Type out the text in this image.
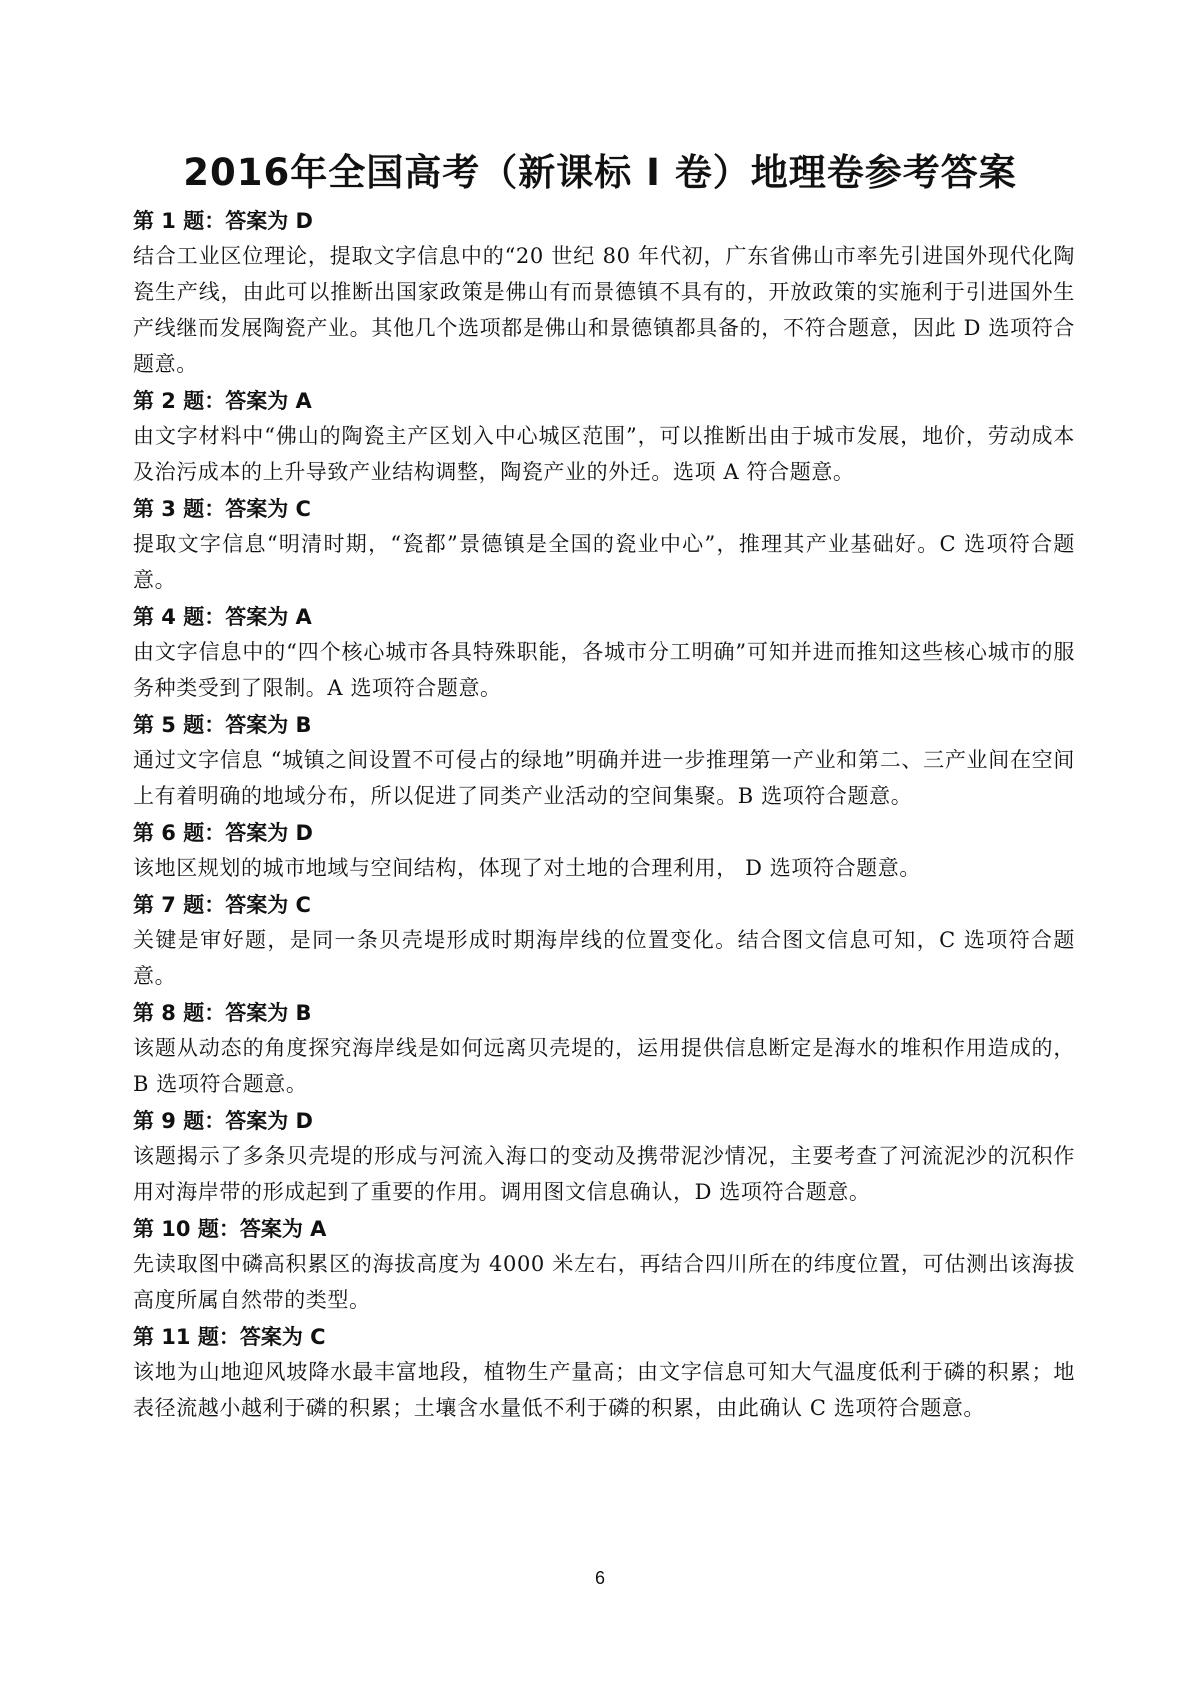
2016年全国高考（新课标 I 卷）地理卷参考答案

第 1 题：答案为 D

结合工业区位理论，提取文字信息中的“20 世纪 80 年代初，广东省佛山市率先引进国外现代化陶瓷生产线，由此可以推断出国家政策是佛山有而景德镇不具有的，开放政策的实施利于引进国外生产线继而发展陶瓷产业。其他几个选项都是佛山和景德镇都具备的，不符合题意，因此 D 选项符合题意。

第 2 题：答案为 A

由文字材料中“佛山的陶瓷主产区划入中心城区范围”，可以推断出由于城市发展，地价，劳动成本及治污成本的上升导致产业结构调整，陶瓷产业的外迁。选项 A 符合题意。

第 3 题：答案为 C

提取文字信息“明清时期，“瓷都”景德镇是全国的瓷业中心”，推理其产业基础好。C 选项符合题意。

第 4 题：答案为 A

由文字信息中的“四个核心城市各具特殊职能，各城市分工明确”可知并进而推知这些核心城市的服务种类受到了限制。A 选项符合题意。

第 5 题：答案为 B

通过文字信息 “城镇之间设置不可侵占的绿地”明确并进一步推理第一产业和第二、三产业间在空间上有着明确的地域分布，所以促进了同类产业活动的空间集聚。B 选项符合题意。

第 6 题：答案为 D

该地区规划的城市地域与空间结构，体现了对土地的合理利用， D 选项符合题意。

第 7 题：答案为 C

关键是审好题，是同一条贝壳堤形成时期海岸线的位置变化。结合图文信息可知，C 选项符合题意。

第 8 题：答案为 B

该题从动态的角度探究海岸线是如何远离贝壳堤的，运用提供信息断定是海水的堆积作用造成的，B 选项符合题意。

第 9 题：答案为 D

该题揭示了多条贝壳堤的形成与河流入海口的变动及携带泥沙情况，主要考查了河流泥沙的沉积作用对海岸带的形成起到了重要的作用。调用图文信息确认，D 选项符合题意。

第 10 题：答案为 A

先读取图中磷高积累区的海拔高度为 4000 米左右，再结合四川所在的纬度位置，可估测出该海拔高度所属自然带的类型。

第 11 题：答案为 C

该地为山地迎风坡降水最丰富地段，植物生产量高；由文字信息可知大气温度低利于磷的积累；地表径流越小越利于磷的积累；土壤含水量低不利于磷的积累，由此确认 C 选项符合题意。

6
